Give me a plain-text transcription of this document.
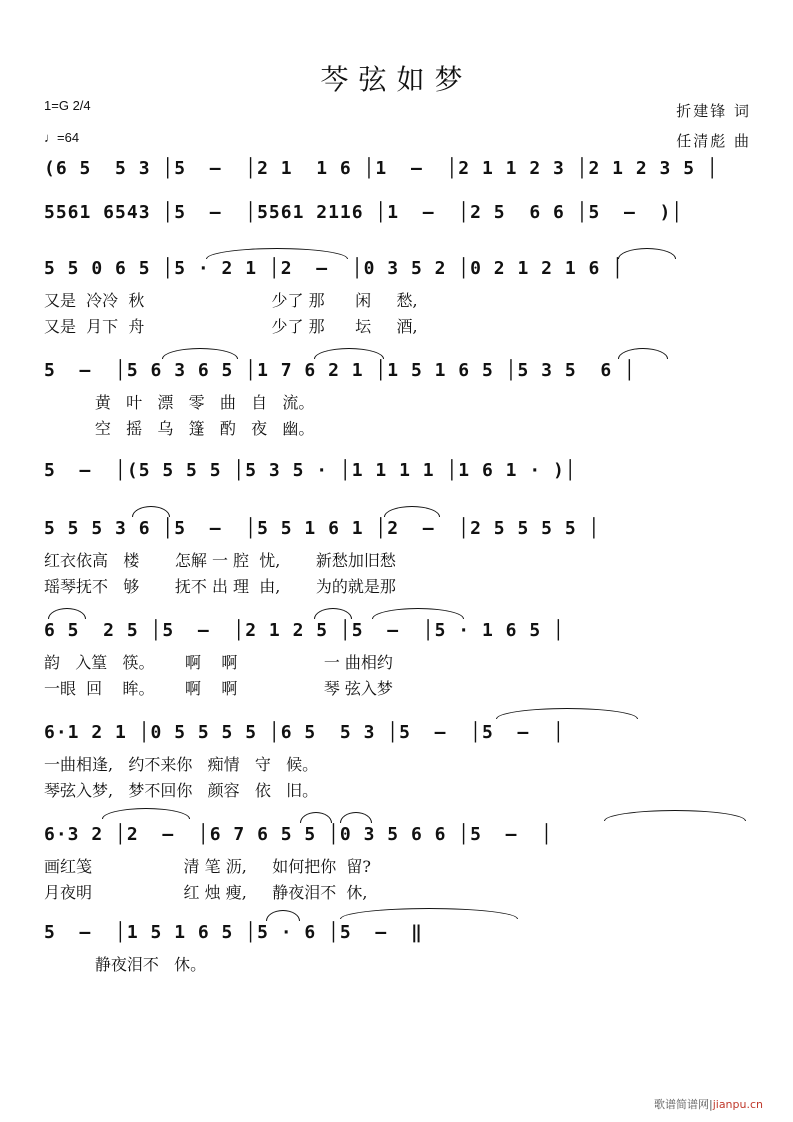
芩弦如梦
1=G 2/4
♩=64
折建锋 词
任清彪 曲
(6 5  5 3 │5  –  │2 1  1 6 │1  –  │2 1 1 2 3 │2 1 2 3 5 │
5561 6543 │5  –  │5561 2116 │1  –  │2 5  6 6 │5  –  )│
5 5 0 6 5 │5 · 2 1 │2  –  │0 3 5 2 │0 2 1 2 1 6 │
又是  冷冷  秋                         少了 那      闲     愁,
又是  月下  舟                         少了 那      坛     酒,
5  –  │5 6 3 6 5 │1 7 6 2 1 │1 5 1 6 5 │5 3 5  6 │
黄   叶   漂   零   曲   自   流。
空   摇   乌   篷   酌   夜   幽。
5  –  │(5 5 5 5 │5 3 5 · │1 1 1 1 │1 6 1 · )│
5 5 5 3 6 │5  –  │5 5 1 6 1 │2  –  │2 5 5 5 5 │
红衣依高   楼       怎解 一 腔  忧,       新愁加旧愁
瑶琴抚不   够       抚不 出 理  由,       为的就是那
6 5  2 5 │5  –  │2 1 2 5 │5  –  │5 · 1 6 5 │
韵   入篁   筷。      啊    啊                 一 曲相约
一眼  回    眸。      啊    啊                 琴 弦入梦
6·1 2 1 │0 5 5 5 5 │6 5  5 3 │5  –  │5  –  │
一曲相逢,   约不来你   痴情   守   候。
琴弦入梦,   梦不回你   颜容   依   旧。
6·3 2 │2  –  │6 7 6 5 5 │0 3 5 6 6 │5  –  │
画红笺                  清 笔 沥,     如何把你  留?
月夜明                  红 烛 瘦,     静夜泪不  休,
5  –  │1 5 1 6 5 │5 · 6 │5  –  ‖
静夜泪不   休。
歌谱简谱网|jianpu.cn
